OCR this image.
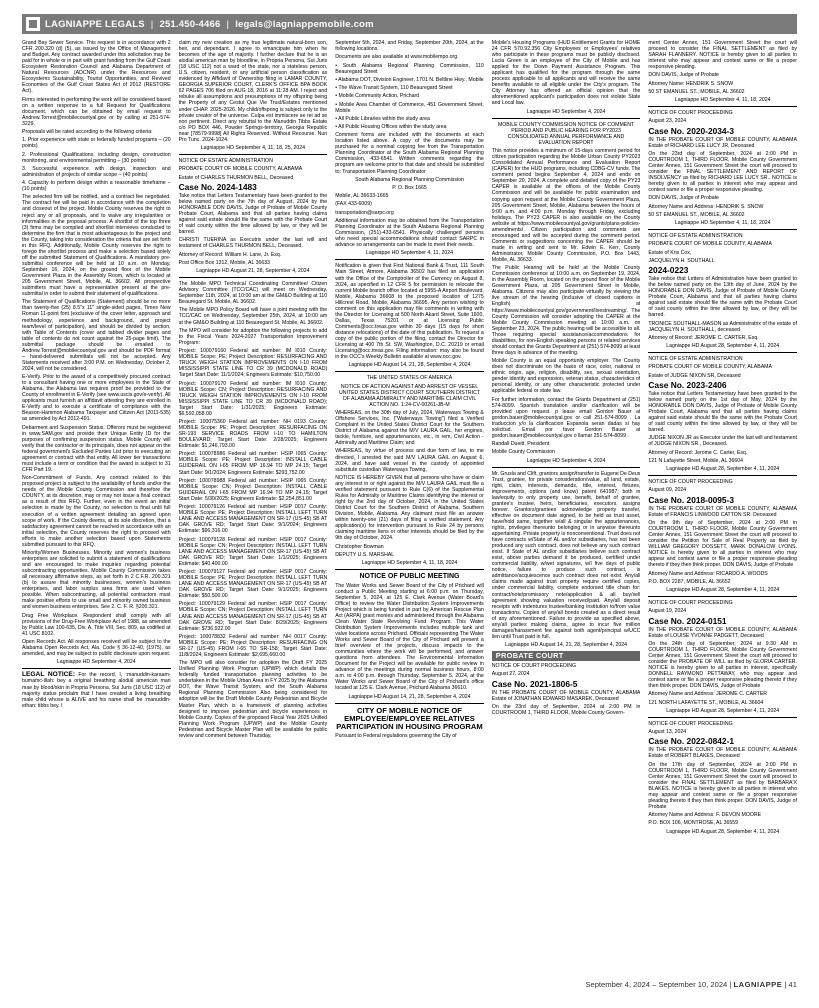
LAGNIAPPE LEGALS | 251.450-4466 | legals@lagniappemobile.com

Grand Bay Sewer Service. This request is in accordance with 2 CFR 200.320 (d) (5), as issued by the Office of Management and Budget. Any contract awarded under this solicitation may be paid for in whole or in part with grant funding from the Gulf Coast Ecosystem Restoration Council and Alabama Department of Natural Resources (ADCNR) under the Resources and Ecosystems Sustainability, Tourist Opportunities, and Revived Economies of the Gulf Coast States Act of 2012 (RESTORE Act).

Firms interested in performing the work will be considered based on a written response to a full Request for Qualifications document, which can be obtained by email request to Andrew.Torrest@mobilecountyal.gov or by calling at 251-574-3229.

Proposals will be rated according to the following criteria:

1. Prior experience with state or federally funded programs – (20 points)

2. Professional Qualifications, including design, construction monitoring, and environmental permitting – (30 points)

3. Successful experience with design, inspection and administration of projects of similar scope – (40 points)

4. Capacity to perform design within a reasonable timeframe – (10 points)

The selected firm will be notified, and a contract fee negotiated. The contract fee will be paid in accordance with the completion and closeout of the project. Mobile County reserves the right to reject any or all proposals, and to waive any irregularities or informalities in the proposal process. A shortlist of the top three (3) firms may be compiled and shortlist interviews conducted to determine the firm that is most advantageous to the project and the County, taking into consideration the criteria that are set forth in this RFQ. Additionally, Mobile County reserves the right to forego the shortlist process and make a selection based solely off the submitted Statement of Qualifications. A mandatory pre-submittal conference will be held at 10 a.m. on Monday, September 16, 2024, on the ground floor of the Mobile Government Plaza in the Assembly Room, which is located at 205 Government Street, Mobile, AL 36602. All prospective submitters must have a representative present at the pre-submittal in order to submit their statement of qualifications.

The Statement of Qualifications (Statement) should be no more than twenty-five (25) 8.5"x 11" single-sided pages, Times New Roman 11-point font (exclusive of the cover letter, approach and methodology, experience and background, and project team/level of participation), and should be divided by section, with Table of Contents (cover and tabbed divider pages and table of contents do not count against the 25-page limit). The submittal package should be emailed to Andrew.Torrest@mobilecountyal.gov and should be PDF format – hand-delivered submittals will not be accepted. Any Statements received after 3:00 P.M. on Wednesday, October 2, 2024, will not be considered.

E-Verify. Prior to the award of a competitively procured contract to a consultant having one or more employees in the State of Alabama, the Alabama law requires proof be provided to the County of enrollment in E-Verify (see www.uscis.gov/e-verify). All applicants must furnish an affidavit attesting they are enrolled in E-Verify and to execute a certificate of compliance with the Beason-Hammon Alabama Taxpayer and Citizen Act (2011-535) as amended by Act 2012-491.

Debarment and Suspension Status. Offerors must be registered in www.SAM.gov and provide their Unique Entity ID for the purposes of confirming suspension status. Mobile County will verify that the contractor or its principals, does not appear on the federal government's Excluded Parties List prior to executing an agreement or contract with that entity. All lower tier transactions must include a term or condition that the award is subject to 31 CFR Part 19.

Non-Commitment of Funds. Any contract related to this proposed project is subject to the availability of funds and/or the needs of the Mobile County Commission and therefore the COUNTY, at its discretion, may or may not issue a final contract as a result of this RFQ. Further, even in the event an initial selection is made by the County, no selection is final until full execution of a written agreement detailing an agreed upon scope of work. If the County deems, at its sole discretion, that a satisfactory agreement cannot be reached in accordance with an initial selection, the County reserves the right to proceed with efforts to make another selection based upon Statements submitted pursuant to this RFQ.

Minority/Women Businesses. Minority and women's business enterprises are solicited to submit a statement of qualifications and are encouraged to make inquiries regarding potential subcontracting opportunities. Mobile County Commission takes all necessary affirmative steps, as set forth in 2 C.F.R. 200.321 (b) to assure that minority businesses, women's business enterprises, and labor surplus area firms are used when possible. When subcontracting, all potential contractors must make positive efforts to use small and minority owned business and women business enterprises. See 2. C. F. R. §200.321.

Drug Free Workplace. Respondent shall comply with all provisions of the Drug-Free Workplace Act of 1988, as amended by Public Law 100-635, Div. A, Title VIII, Sec. 809, as codified at 41 USC 8102.

Open Records Act. All responses received will be subject to the Alabama Open Records Act, Ala. Code § 36-12-40, (1975), as amended, and may be subject to public disclosure upon request.

Lagniappe HD September 4, 2024

LEGAL NOTICE: For the record, I, :manuddin-karaam-bumamc-illah: bey a original breathing alodial american man mae by blood/skin in Propria Persona, Sui Juris (18 USC 112) of majority status proclaim that I have created a living breathing male child whose is ALIVE and his name shall be :manuddin-ethan: tibbs bey. I

claim my new creation as my true legitimate natural-born son, heir, and dependant. I agree to emancipate him when he becomes of the age of majority. I further declare that he is an alodial american man by bloodline, in Propria Persona, Sui Juris (18 USC 112) not a ward of the state, nor a stateless person, U.S. citizen, resident, or any artificial person classification as evidenced by Affidavit of Ownership filing in LAMAR COUNTY, GEORGIA SUPERIOR COURT, CLERK'S OFFICE BPA BOOK 62 PAGES 706 filed on AUG 18, 2016 at 11:28 AM. I reject and rebuke all assumptions and presumptions of my offspring being the Property of any Cestui Que Vie Trust/Estates mentioned under CHAP. 2025-2026. My child/offspring is subject only to the private creator of the universe. Culpa est immiscere se rei ad se non pertinent. Direct any rebuttal to the Manuddin Tibbs Estate c/o PO BOX 446, Powder Springs-territory, Georgia Republic near [78579-9998] All Rights Reserved. Without Recourse. Nun Pro Tunc. 2024-1024.

Lagniappe HD September 4, 11, 18, 25, 2024

NOTICE OF ESTATE ADMINISTRATION

PROBATE COURT OF MOBILE COUNTY, ALABAMA

Estate of CHARLES THURMON BELL, Deceased

Case No. 2024-1483

Take notice that Letters Testamentary have been granted to the below named party on the 7th day of August, 2024 by the HONORABLE DON DAVIS, Judge of Probate of Mobile County Probate Court, Alabama and that all parties having claims against said estate should file the same with the Probate Court of said county within the time allowed by law, or they will be barred.

CHRISTI TUERINA as Executrix under the last will and testament of CHARLES THURMON BELL, Deceased.

Attorney of Record: William H. Lane, Jr. Esq.

Post Office Box 1312, Mobile, AL 36633

Lagniappe HD August 21, 28, September 4, 2024

The Mobile MPO Technical Coordinating Committee/ Citizen Advisory Committee (TCC/CAC) will meet on Wednesday, September 11th, 2024, at 10:00 am at the GM&O Building at 110 Beauregard St. Mobile, AL 36602.

The Mobile MPO Policy Board will have a joint meeting with the TCC/CAC on Wednesday, September 25th, 2024, at 10:00 am at the GM&O Building at 110 Beauregard St. Mobile, AL 36602.

The MPO will consider for adoption the following projects to add to the Fiscal Years 2024-2027 Transportation Improvement Program:

Project: 100079160 Federal aid number: IM I010 County: MOBILE Scope: PE; Project Description: RESURFACING AND TRUCK WEIGH STATION IMPROVEMENTS ON I-10 FROM MISSISSIPPI STATE LINE TO CR 39 (MCDONALD ROAD) Target Start Date: 11/1/2024; Engineers Estimate: $10,750.00

Project: 100079170 Federal aid number: IM I010 County: MOBILE Scope: CN; Project Description: RESURFACING AND TRUCK WEIGH STATION IMPROVEMENTS ON I-10 FROM MISSISSIPPI STATE LINE TO CR 39 (MCDONALD ROAD); Target Start Date: 1/31/2025; Engineers Estimate: $6,592,058.00

Project: 100075360 Federal aid number: NH 0193 County: MOBILE Scope: PE; Project Description: RESURFACING ON SR-193 SERVICE ROADS FROM I-10 TO HAMILTON BOULEVARD; Target Start Date: 2/28/2025; Engineers Estimate: $1,246,793.00

Project: 100078986 Federal aid number: HSIP I065 County: MOBILE Scope: PE; Project Description: INSTALL CABLE GUIDERAIL ON I-65 FROM MP 16.94 TO MP 24.15; Target Start Date: 9/1/2024; Engineers Estimate: $293,752.00

Project: 100078988 Federal aid number: HSIP I065 County: MOBILE Scope: CN; Project Description: INSTALL CABLE GUIDERAIL ON I-65 FROM MP 16.94 TO MP 24.15; Target Start Date: 5/30/2025; Engineers Estimate: $2,254,851.00

Project: 100079126 Federal aid number: HSIP 0017 County: MOBILE Scope: PE; Project Description: INSTALL LEFT TURN LANE AND ACCESS MANAGEMENT ON SR-17 (US-45) SB AT OAK GROVE RD; Target Start Date: 9/1/2024; Engineers Estimate: $96,316.00

Project: 100079128 Federal aid number: HSIP 0017 County: MOBILE Scope: CN; Project Description: INSTALL LEFT TURN LANE AND ACCESS MANAGEMENT ON SR-17 (US-45) SB AT OAK GROVE RD; Target Start Date: 1/1/2025; Engineers Estimate: $40,400.00

Project: 100079127 Federal aid number: HSIP 0017 County: MOBILE Scope: PE; Project Description: INSTALL LEFT TURN LANE AND ACCESS MANAGEMENT ON SR-17 (US-45) SB AT OAK GROVE RD; Target Start Date: 9/1/2025; Engineers Estimate: $50,500.00

Project: 100079129 Federal aid number: HSIP 0017 County: MOBILE Scope: CN; Project Description: INSTALL LEFT TURN LANE AND ACCESS MANAGEMENT ON SR-17 (US-45) SB AT OAK GROVE RD; Target Start Date: 8/29/2025; Engineers Estimate: $736,922.00

Project: 100078832 Federal aid number: NH 0017 County: MOBILE Scope: PE; Project Description: RESURFACING ON SR-17 (US-45) FROM I-65 TO SR-158; Target Start Date: 11/8/2024; Engineers Estimate: $2,695,660.00

The MPO will also consider for adoption the Draft FY 2025 Unified Planning Work Program (UPWP) which details the federally funded transportation planning activities to be undertaken in the Mobile Urban Area in FY 2025 by the Alabama DOT, the Wave Transit System, and the South Alabama Regional Planning Commission Also being considered for adoption will be the Draft Mobile County Pedestrian and Bicycle Master Plan, which is a framework of planning activities designed to improve pedestrian and bicycle experiences in Mobile County. Copies of the proposed Fiscal Year 2025 Unified Planning Work Program (UPWP) and the Mobile County Pedestrian and Bicycle Master Plan will be available for public review and comment between Thursday,

September 5th, 2024, and Friday, September 20th, 2024, at the following locations.

Documents are also available at www.mobilempo.org.

• South Alabama Regional Planning Commission, 110 Beauregard Street

• Alabama DOT, Division Engineer, 1701 N. Beltline Hwy., Mobile

• The Wave Transit System, 110 Beauregard Street

• Mobile Community Action, Prichard

• Mobile Area Chamber of Commerce, 451 Government Street, Mobile

• All Public Libraries within the study area

• All Public Housing Offices within the study area

Comment forms are included with the documents at each location listed above. A copy of the documents may be purchased for a nominal copying fee from the Transportation Planning Coordinator at the South Alabama Regional Planning Commission, 433-6541. Written comments regarding the program are welcome prior to that date and should be submitted to: Transportation Planning Coordinator

South Alabama Regional Planning Commission

P. O. Box 1665

Mobile, AL 36633-1665

(FAX 433-6009)

transportation@sarpc.org

Additional information may be obtained from the Transportation Planning Coordinator at the South Alabama Regional Planning Commission, (251)-433-6541. Physically challenged persons who need special accommodations should contact SARPC in advance so arrangements can be made to meet their needs.

Lagniappe HD September 4, 11, 2024

Notification is given that First National Bank & Trust, 111 South Main Street, Atmore, Alabama 36502 has filed an application with the Office of the Comptroller of the Currency on August 8, 2024, as specified in 12 CFR 5 for permission to relocate the current Mobile branch office located at 5955-A Airport Boulevard, Mobile, Alabama 36608 to the proposed location of 1275 Hillcrest Road, Mobile, Alabama 36695. Any person wishing to comment on this application may file comments in writing with the Director for Licensing at 500 North Akard Street, Suite 1600, Dallas, Texas 75201 or at Licensing Public Comments@occ.treas.gov within 30 days (15 days for short distance relocations) of the date of this publication. To request a copy of the public portion of the filing, contact the Director for Licensing at 400 7th St. SW, Washington, D.C. 20219 or email Licensing@occ.treas.gov. Filing information: may also be found in the OCC's Weekly Bulletin available at www.occ.gov.

Lagniappe HD August 14, 21, 28, September 4, 2024

THE UNITED STATES OF AMERICA

NOTICE OF ACTION AGAINST AND ARREST OF VESSEL UNITED STATES DISTRICT COURT SOUTHERN DISTRICT OF ALABAMA ADMIRALTY AND MARITIME CLAIM CIVIL ACTION NO. 1:24-CV-00261-JB-M

WHEREAS, on the 30th day of July, 2024, Waterways Towing & Offshore Services, Inc. ("Waterways Towing") filed a Verified Complaint in the United States District Court for the Southern District of Alabama against the M/V LAURA GAIL, her engines, tackle, furniture, and appurtenances, etc., in rem, Civil Action - Admiralty and Maritime Claim; and

WHEREAS, by virtue of process and due form of law, to me directed, I arrested the said M/V LAURA GAIL on August 6, 2024, and have said vessel in the custody of appointed substitute custodian Waterways Towing,

NOTICE IS HEREBY GIVEN that all persons who have or claim any interest in or right against the M/V LAURA GAIL must file a verified statement pursuant to Rule C(6) of the Supplemental Rules for Admiralty or Maritime Claims identifying the interest or right by the 2nd day of October, 2024, in the United States District Court for the Southern District of Alabama, Southern Division, Mobile, Alabama. Any claimant must file an answer within twenty-one (21) days of filing a verified statement. Any application(s) for intervention pursuant to Rule 24 by persons claiming maritime liens or other interests should be filed by the 9th day of October, 2024.

Christopher Bowman

DEPUTY U.S. MARSHAL

Lagniappe HD September 4, 11, 18, 2024

NOTICE OF PUBLIC MEETING

The Water Works and Sewer Board of the City of Prichard will conduct a Public Meeting starting at 6:00 p.m. on Thursday, September 5, 2024, at 125 E. Clark Avenue (Water Board's Office) to review the Water Distribution System Improvements Project which is being funded in part by American Rescue Plan Act (ARPA) grant monies and administered through the Alabama Clean Water State Revolving Fund Program. This Water Distribution System Improvements includes multiple tank and valve locations across Prichard. Officials representing The Water Works and Sewer Board of the City of Prichard will present a brief overview of the projects, discuss impacts to the communities where the work will be performed, and answer questions from attendees. The Environmental Information Document for the Project will be available for public review in advance of the meetings during normal business hours, 8:00 a.m. to 4:00 p.m. through Thursday, September 5, 2024, at the Water Works and Sewer Board of the City of Prichard's office located at 125 E. Clark Avenue, Prichard Alabama 36610.

Lagniappe HD August 14, 21, 28, September 4, 2024

CITY OF MOBILE NOTICE OF EMPLOYEE/EMPLOYEE RELATIVES PARTICIPATION IN HOUSING PROGRAM

Pursuant to Federal regulations governing the City of

Mobile's Housing Programs (HUD Entitlement Grants for HOME 24 CFR 570.92.356 City Employees or Employees' relatives who participate in these programs must be publicly disclosed. Lucia Green is an employee of the City of Mobile and has applied for the Down Payment Assistance Program. This applicant has qualified for the program through the same process applicable to all applicants and will receive the same benefits available to all eligible under the City's program. The City Attorney has offered an official opinion that the aforementioned applicant's participation does not violate State and Local law.

Lagniappe HD September 4, 2024

MOBILE COUNTY COMMISSION NOTICE OF COMMENT PERIOD AND PUBLIC HEARING FOR PY2023 CONSOLIDATED ANNUAL PERFORMANCE AND EVALUATION REPORT

This notice provides a minimum of 15-days comment period for citizen participation regarding the Mobile Urban County PY2023 Consolidated Annual Performance and Evaluation Report (CAPER) for the HUD programs, including CDBG-CV funds. The comment period begins September 4, 2024 and ends on September 20, 2024. A complete and detailed copy of the PY23 CAPER is available at the offices of the Mobile County Commission and will be available for public examination and copying upon request at the Mobile County Government Plaza, 205 Government Street, Mobile, Alabama between the hours of 9:00 a.m. and 4:00 p.m. Monday through Friday, excluding holidays. The PY23 CAPER is also available on the County website at https://www.mobilecountyal.gov/grants/plans-policies-amendments/. Citizen participation and comments are encouraged and will be accepted during the comment period. Comments or suggestions concerning the CAPER should be made in writing and sent to Mr. Edwin E. Kerr, County Administrator, Mobile County Commission, P.O. Box 1443, Mobile, AL 36633.

The Public Hearing will be held at the Mobile County Commission conference at 10:00 a.m. on September 19, 2024, in the Assembly Room, located on the ground floor of the Mobile Government Plaza, at 205 Government Street in Mobile, Alabama. Citizens may also participate virtually by viewing the live stream of the hearing (inclusive of closed captions in English) at https://www.mobilecountyal.gov/government/livestreaming/. The County Commission will consider adopting the CAPER at the Mobile County Commission meeting at 10:00 a.m. on September 23, 2024. The public hearing will be accessible to all. Those requiring special assistance/accommodations for disabilities, for non-English speaking persons or related services should contact the Grants Department at (251) 574-8099 at least three days in advance of the meeting.

Mobile County is an equal opportunity employer. The County does not discriminate on the basis of race, color, national or ethnic origin, age, religion, disability, sex, sexual orientation, gender identity and expression, veteran status, characteristics of personal identity, or any other characteristic protected under applicable federal or state law.

For further information, contact the Grants Department at (251) 574-8099. Spanish translation and/or clarification will be provided upon request. p lease email Gordon Bauer at gordon.bauer@mobilecountyal.gov or call 251-574-8099 . La traduccion y/o la clarificacion Espanola seran dadas si hay solicitud. Email por favor Gordon Bauer at gordon.bauer@mobilecountyal.gov o llamar 251-574-8099 .

Randall Dueitt, President

Mobile County Commission

Lagniappe HD September 4, 2024

Mr. Grusla and Clift, grantors assign/transfer to Eugene De Deus Trust, grantee, for private consideration/value, all land, estate, right, claim, interests, demands, title, interest, fixtures, improvements, options (and know) patent 641987; both in law/equity to only property use, benefit, behalf of grantee, grantee's trustee, heirs, beneficiaries, executors, assigns forever. Grantors/grantees acknowledge property transfer, effective on document date signed, to be held as trust asset, have/hold same, together w/all & singular the appurtenances, rights, privileges thereunto belonging or in anywise thereunto appertaining. Private property is nonconventional. Trust does not have contracts w/State of AL and/or subsidiaries, has not been produced any such contract, does not believe any such contract exist. If State of AL and/or subsidiaries believe such contract exist, above parties demand it be produced, certified under commercial liability, w/wet signatures, w/I five days of public notice, failure to produce such contract, is admittance/acquiescence such contract does not exist. Any/all claims made against trust property require certified copies, under commercial liability, complete endorsed title chain for: contract/note/promissory note/application & all buy/sell agreement showing valuation received/paid. Any/all deposit receipts with indentures trustee/banking institution to/from value transactions. Copies of any/all bonds created as a direct result of any aforementioned. Failure to provide as specified above, any/all parties making claims, agree to incur five million damages/harassment fee against both agent/principal w/UCC lien until Trust paid in full.

Lagniappe HD August 14, 21, 28, September 4, 2024

PROBATE COURT

NOTICE OF COURT PROCEEDING

August 27, 2024

Case No. 2021-1806-5

IN THE PROBATE COURT OF MOBILE COUNTY, ALABAMA Estate of JONATHAN EDWARD MASAREK, Deceased

On the 23rd day of September, 2024 at 2:00 PM in COURTROOM 1, THIRD FLOOR, Mobile County Govern-

ment Center Annex, 151 Government Street the court will proceed to consider the FINAL SETTLEMENT as filed by SARAH FLANNERY. NOTICE is hereby given to all parties in interest who may appear and contest same or file a proper responsive pleading.

DON DAVIS, Judge of Probate

Attorney Name: HENDRIK S. SNOW

50 ST EMANUEL ST., MOBILE, AL 36602

Lagniappe HD September 4, 11, 18, 2024

NOTICE OF COURT PROCEEDING

August 23, 2024

Case No. 2020-2034-3

IN THE PROBATE COURT OF MOBILE COUNTY, ALABAMA Estate of RICHARD LEE LUCY JR, Deceased

On the 23rd day of September, 2024 at 2:00 PM in COURTROOM 1, THIRD FLOOR, Mobile County Government Center Annex, 151 Government Street the court will proceed to consider the FINAL SETTLEMENT AND REPORT OF INSOLVENCY as filed by RICHARD LEE LUCY SR.. NOTICE is hereby given to all parties in interest who may appear and contest same or file a proper responsive pleading.

DON DAVIS, Judge of Probate

Attorney Name and Address: HENDRIK S. SNOW

50 ST EMANUEL ST., MOBILE, AL 36602

Lagniappe HD September 4, 11, 18, 2024

NOTICE OF ESTATE ADMINISTRATION

PROBATE COURT OF MOBILE COUNTY, ALABAMA

Estate of Kris Cox,

JACQUELYN H. SOUTHALL

2024-0223

Take notice that Letters of Administration have been granted to the below named party on the 13th day of June, 2024 by the HONORABLE DON DAVIS, Judge of Probate of Mobile County Probate Court, Alabama and that all parties having claims against said estate should file the same with the Probate Court of said county within the time allowed by law, or they will be barred.

TRONICE SOUTHALL-MASON as Administratrix of the estate of JACQUELYN H. SOUTHALL, deceased

Attorney of Record: JEROME C. CARTER, Esq.

Lagniappe HD August 28, September 4, 11, 2024

NOTICE OF ESTATE ADMINISTRATION

PROBATE COURT OF MOBILE COUNTY, ALABAMA

Estate of JUDGE NIXON SR, Deceased

Case No. 2023-2406

Take notice that Letters Testamentary have been granted to the below named party on the 1st day of May, 2024 by the HONORABLE DON DAVIS, Judge of Probate of Mobile County Probate Court, Alabama and that all parties having claims against said estate should file the same with the Probate Court of said county within the time allowed by law, or they will be barred.

JUDGE NIXON JR as Executor under the last will and testament of JUDGE NIXON SR., Deceased.

Attorney of Record: Jerome C. Carter, Esq.

121 N Lafayette Street, Mobile, AL 36604

Lagniappe HD August 28, September 4, 11, 2024

NOTICE OF COURT PROCEEDING

August 09, 2024

Case No. 2018-0095-3

IN THE PROBATE COURT OF MOBILE COUNTY, ALABAMA Estate of FRANCIS LINWOOD CATTON SR. Deceased

On the 9th day of September, 2024 at 2:00 PM in COURTROOM 1, THIRD FLOOR, Mobile County Government Center Annex, 151 Government Street the court will proceed to consider the Petition for Sale of Real Property as filed by WILLIAM GREGORY DOSSETT, MARK DONALOW LYONS. NOTICE is hereby given to all parties in interest who may appear and contest same or file a proper responsive pleading thereto if they then think proper. DON DAVIS, Judge of Probate

Attorney Name and Address: RICARDO A. WOODS

P.O. BOX 2287, MOBILE, AL 36652

Lagniappe HD August 28, September 4, 11, 2024

NOTICE OF COURT PROCEEDING

August 19, 2024

Case No. 2024-0151

IN THE PROBATE COURT OF MOBILE COUNTY, ALABAMA Estate of LOUISE YVONNE PADGETT, Deceased

On the 24th day of September, 2024 at 9:30 AM in COURTROOM 1, THIRD FLOOR, Mobile County Government Center Annex, 151 Government Street the court will proceed to consider the PROBATE OF WILL as filed by GLORIA CARTER. NOTICE is hereby given to all parties in interest, specifically DONNELL RAYMOND PETTAWAY, who may appear and contest same or file a proper responsive pleading thereto if they then think proper. DON DAVIS, Judge of Probate

Attorney Name and Address: JEROME C. CARTER

121 NORTH LAFAYETTE ST., MOBILE, AL 36604

Lagniappe HD August 28, September 4, 11, 2024

NOTICE OF COURT PROCEEDING

August 13, 2024

Case No. 2022-0842-1

IN THE PROBATE COURT OF MOBILE COUNTY, ALABAMA Estate of ROBERT BLAKES, Deceased

On the 17th day of September, 2024 at 2:00 PM in COURTROOM 1, THIRD FLOOR, Mobile County Government Center Annex, 151 Government Street the court will proceed to consider the FINAL SETTLEMENT as filed by BARBARA'X BLAKES. NOTICE is hereby given to all parties in interest who may appear and contest same or file a proper responsive pleading thereto if they then think proper. DON DAVIS, Judge of Probate

Attorney Name and Address: F. DEVON MOORE

P.O. BOX 106, MONTROSE, AL 36559

Lagniappe HD August 28, September 4, 11, 2024

September 4, 2024 – September 10, 2024 | LAGNIAPPE | 41
